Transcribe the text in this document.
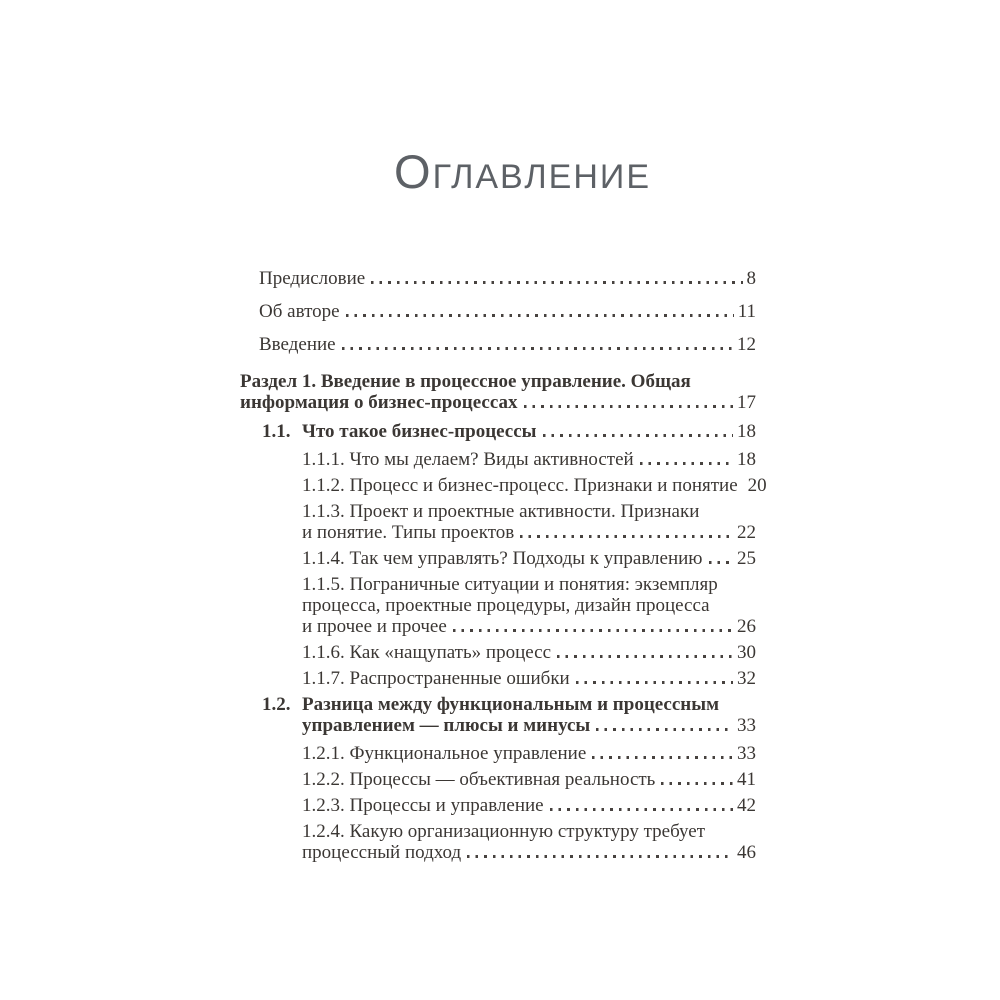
ОГЛАВЛЕНИЕ
Предисловие	8
Об авторе	11
Введение	12
Раздел 1. Введение в процессное управление. Общая
информация о бизнес-процессах	17
1.1. Что такое бизнес-процессы	18
1.1.1. Что мы делаем? Виды активностей	18
1.1.2. Процесс и бизнес-процесс. Признаки и понятие 20
1.1.3. Проект и проектные активности. Признаки
и понятие. Типы проектов	22
1.1.4. Так чем управлять? Подходы к управлению 25
1.1.5. Пограничные ситуации и понятия: экземпляр
процесса, проектные процедуры, дизайн процесса
и прочее и прочее	26
1.1.6. Как «нащупать» процесс	30
1.1.7. Распространенные ошибки	32
1.2. Разница между функциональным и процессным
управлением — плюсы и минусы	33
1.2.1. Функциональное управление	33
1.2.2. Процессы — объективная реальность	41
1.2.3. Процессы и управление	42
1.2.4. Какую организационную структуру требует
процессный подход	46
